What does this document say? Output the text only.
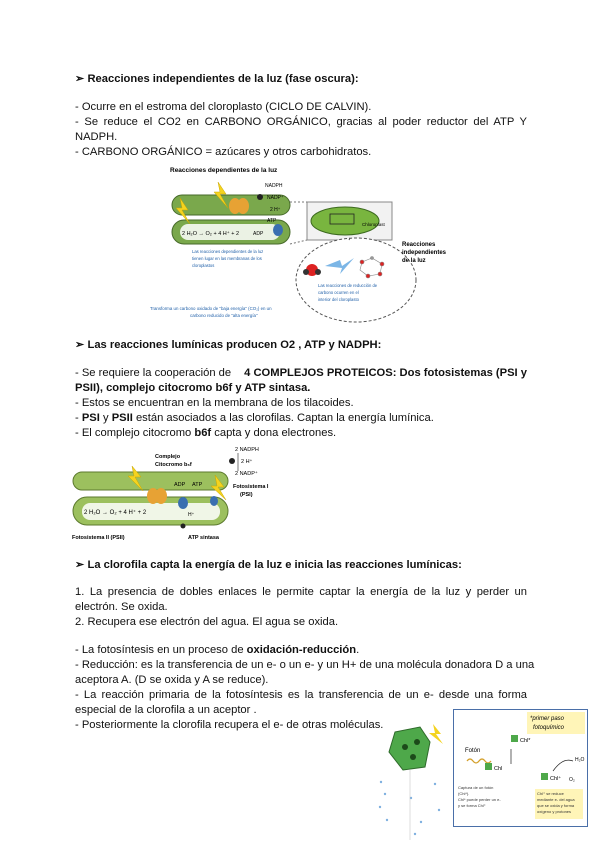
➢ Reacciones independientes de la luz (fase oscura):
- Ocurre en el estroma del cloroplasto (CICLO DE CALVIN).
- Se reduce el CO2 en CARBONO ORGÁNICO, gracias al poder reductor del ATP Y
NADPH.
- CARBONO ORGÁNICO = azúcares y otros carbohidratos.
Reacciones dependientes de la luz
NADPH
NADP⁺
2 H⁺
2 H₂O → O₂ + 4 H⁺ + 2	ADP
ATP
Las reacciones dependientes de la luz tienen lugar en las membranas de los cloroplastos
Chloroplast
Las reacciones de reducción de carbono ocurren en el interior del cloroplasto
Reacciones independientes de la luz
Transforma un carbono oxidado de "baja energía" (CO₂) en un carbono reducido de "alta energía"
➢ Las reacciones lumínicas producen O2 , ATP y NADPH:
- Se requiere la cooperación de 4 COMPLEJOS PROTEICOS: Dos fotosistemas (PSI y
PSII), complejo citocromo b6f y ATP sintasa.
- Estos se encuentran en la membrana de los tilacoides.
- PSI y PSII están asociados a las clorofilas. Captan la energía lumínica.
- El complejo citocromo b6f capta y dona electrones.
2 NADPH
2 H⁺
2 NADP⁺
Complejo Citocromo b₆f
ADP ATP
2 H₂O → O₂ + 4 H⁺ + 2	H⁺
Fotosistema I (PSI)
Fotosistema II (PSII)	ATP sintasa
➢ La clorofila capta la energía de la luz e inicia las reacciones lumínicas:
1. La presencia de dobles enlaces le permite captar la energía de la luz y perder un
electrón. Se oxida.
2. Recupera ese electrón del agua. El agua se oxida.
- La fotosíntesis en un proceso de oxidación-reducción.
- Reducción: es la transferencia de un e- o un e- y un H+ de una molécula donadora D a una
aceptora A. (D se oxida y A se reduce).
- La reacción primaria de la fotosíntesis es la transferencia de un e- desde una forma
especial de la clorofila a un aceptor .
- Posteriormente la clorofila recupera el e- de otras moléculas.	*primer paso fotoquímico
Fotón
Chl
Chl*
Chl⁺
H₂O
O₂
Captura de un fotón (Chl*). Chl* puede perder un e-y se forma Chl⁺
Chl⁺ se reduce mediante e- del agua que se oxida y forma oxígeno y protones
